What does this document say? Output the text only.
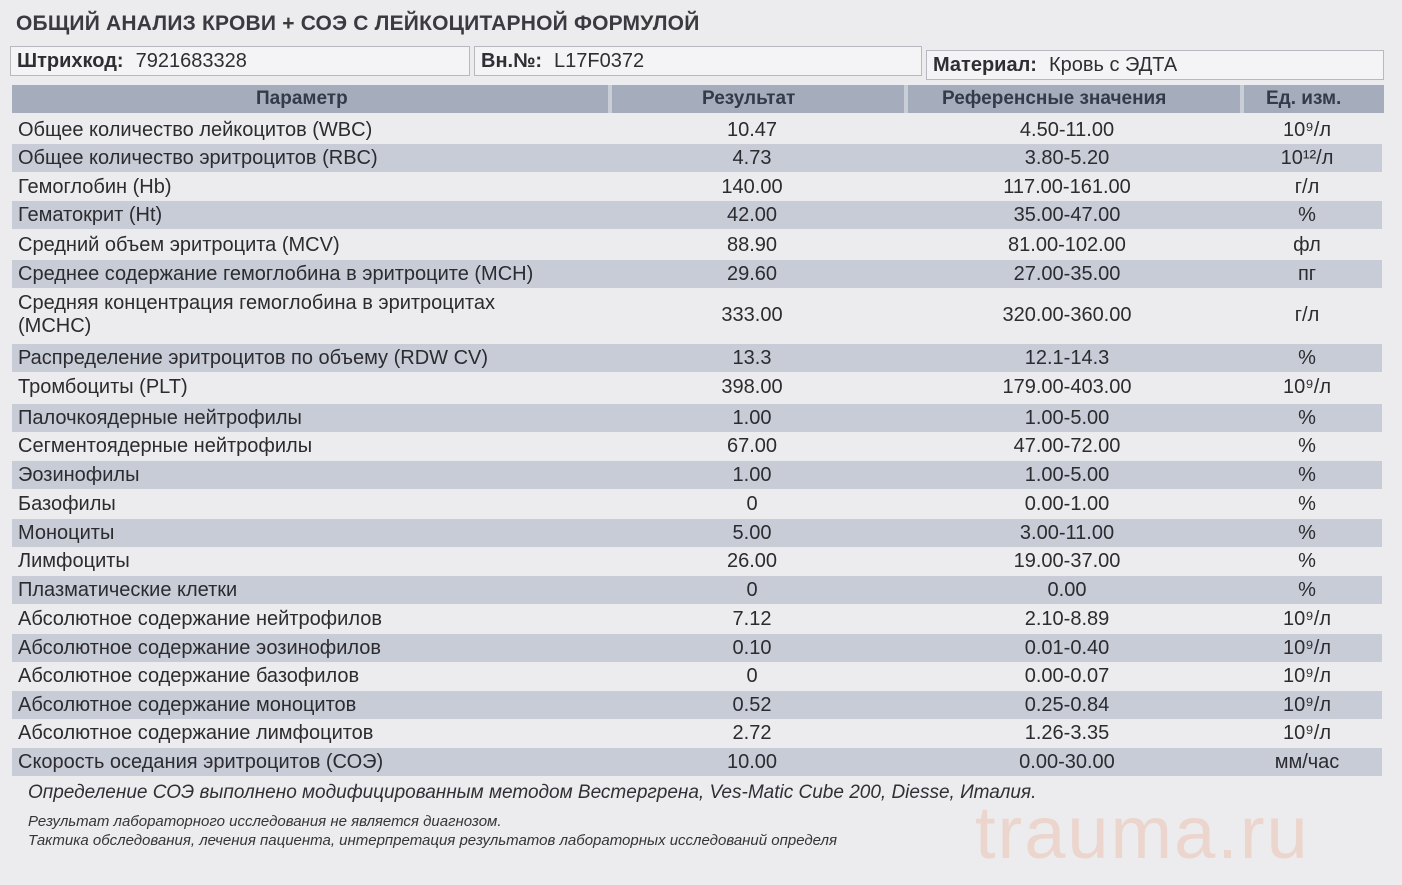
ОБЩИЙ АНАЛИЗ КРОВИ + СОЭ С ЛЕЙКОЦИТАРНОЙ ФОРМУЛОЙ
Штрихкод: 7921683328	Вн.№: L17F0372	Материал: Кровь с ЭДТА
Параметр	Результат	Референсные значения	Ед. изм.
Общее количество лейкоцитов (WBC)	10.47	4.50-11.00	10⁹/л
Общее количество эритроцитов (RBC)	4.73	3.80-5.20	10¹²/л
Гемоглобин (Hb)	140.00	117.00-161.00	г/л
Гематокрит (Ht)	42.00	35.00-47.00	%
Средний объем эритроцита (MCV)	88.90	81.00-102.00	фл
Среднее содержание гемоглобина в эритроците (MCH)	29.60	27.00-35.00	пг
Средняя концентрация гемоглобина в эритроцитах
(MCHC)	333.00	320.00-360.00	г/л
Распределение эритроцитов по объему (RDW CV)	13.3	12.1-14.3	%
Тромбоциты (PLT)	398.00	179.00-403.00	10⁹/л
Палочкоядерные нейтрофилы	1.00	1.00-5.00	%
Сегментоядерные нейтрофилы	67.00	47.00-72.00	%
Эозинофилы	1.00	1.00-5.00	%
Базофилы	0	0.00-1.00	%
Моноциты	5.00	3.00-11.00	%
Лимфоциты	26.00	19.00-37.00	%
Плазматические клетки	0	0.00	%
Абсолютное содержание нейтрофилов	7.12	2.10-8.89	10⁹/л
Абсолютное содержание эозинофилов	0.10	0.01-0.40	10⁹/л
Абсолютное содержание базофилов	0	0.00-0.07	10⁹/л
Абсолютное содержание моноцитов	0.52	0.25-0.84	10⁹/л
Абсолютное содержание лимфоцитов	2.72	1.26-3.35	10⁹/л
Скорость оседания эритроцитов (СОЭ)	10.00	0.00-30.00	мм/час
Определение СОЭ выполнено модифицированным методом Вестергрена, Ves-Matic Cube 200, Diesse, Италия.
Результат лабораторного исследования не является диагнозом.
Тактика обследования, лечения пациента, интерпретация результатов лабораторных исследований определя trauma.ru
